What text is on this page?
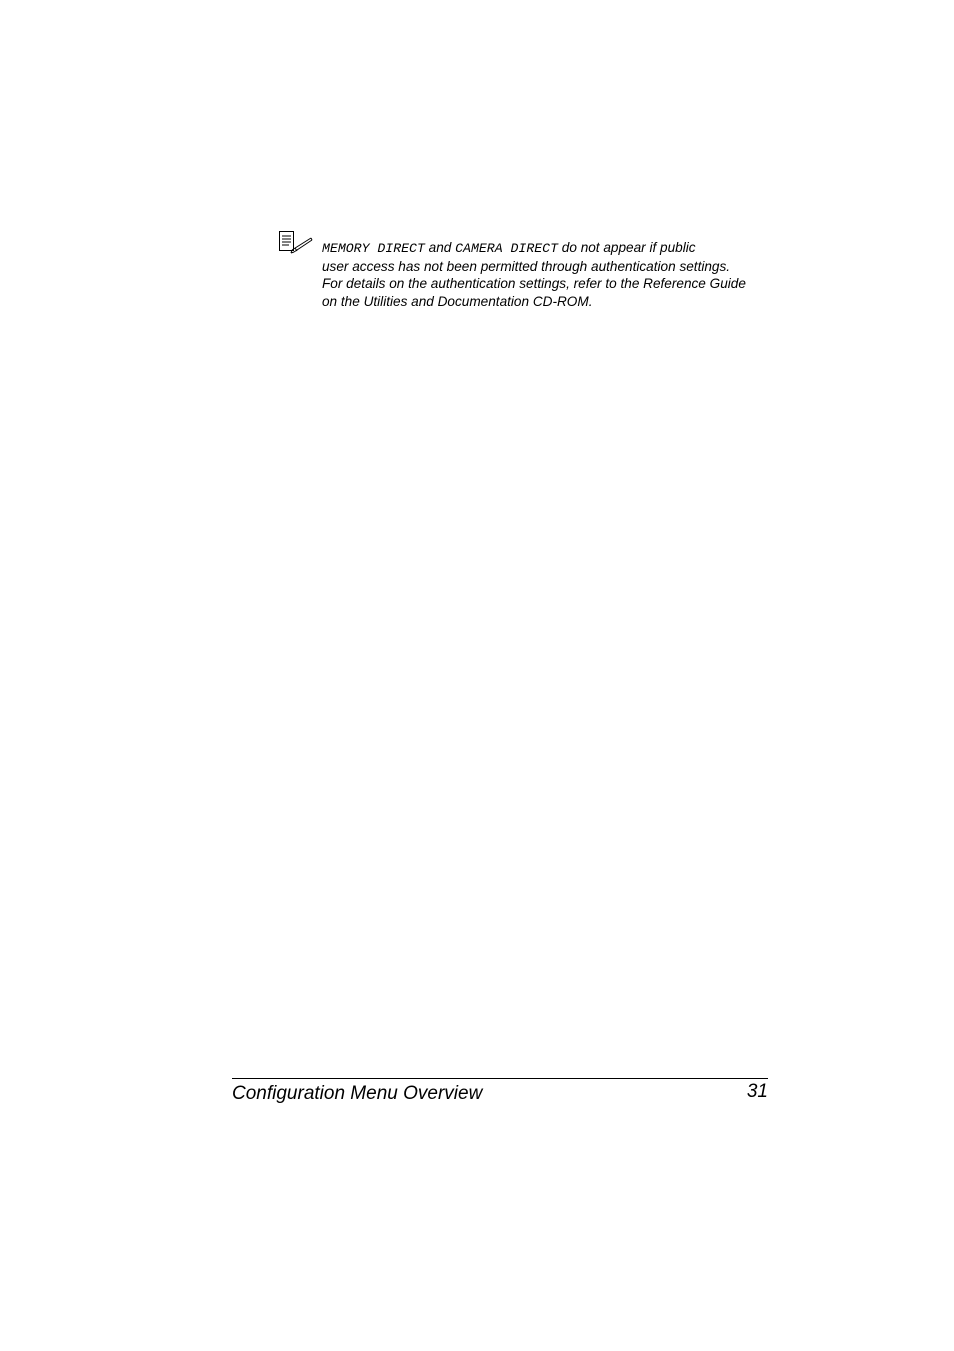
MEMORY DIRECT and CAMERA DIRECT do not appear if public
user access has not been permitted through authentication settings.
For details on the authentication settings, refer to the Reference Guide
on the Utilities and Documentation CD-ROM.
Configuration Menu Overview	31
